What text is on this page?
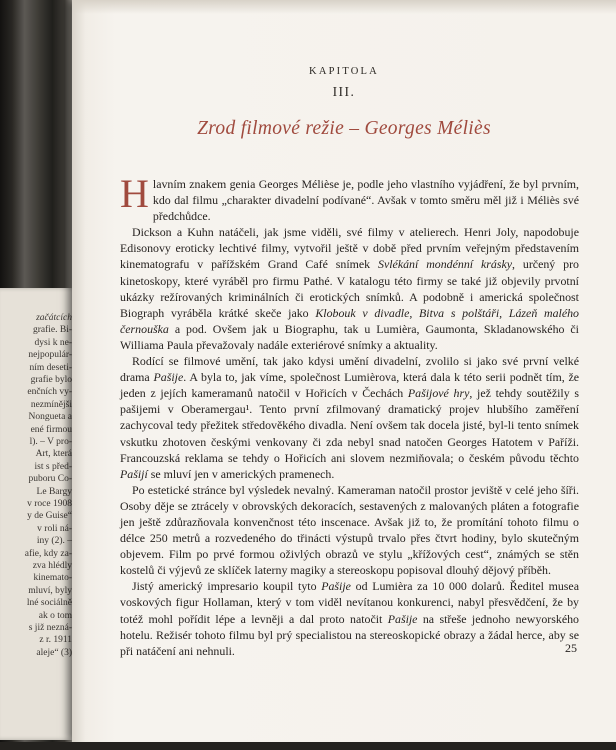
začátcích
grafie. Bi-
dysi k ne-
nejpopulár-
ním deseti-
grafie bylo
enčních vy-
nezmínějši
Nonguetа a
ené firmou
l). – V pro-
Art, která
ist s před-
puboru Co-
Le Bargy
v roce 1908
y de Guise“
v roli ná-
iny (2). –
afie, kdy za-
zva hlédly
kinemato-
mluví, byly
lné sociálně
ak o tom
s již nezná-
z r. 1911
aleje“ (3)
KAPITOLA
III.
Zrod filmové režie – Georges Méliès

Hlavním znakem genia Georges Mélièse je, podle jeho vlastního vyjádření, že byl prvním, kdo dal filmu „charakter divadelní podívané“. Avšak v tomto směru měl již i Méliès své předchůdce.

Dickson a Kuhn natáčeli, jak jsme viděli, své filmy v atelierech. Henri Joly, napodobuje Edisonovy eroticky lechtivé filmy, vytvořil ještě v době před prvním veřejným představením kinematografu v pařížském Grand Café snímek Svlékání mondénní krásky, určený pro kinetoskopy, které vyráběl pro firmu Pathé. V katalogu této firmy se také již objevily prvotní ukázky režírovaných kriminálních či erotických snímků. A podobně i americká společnost Biograph vyráběla krátké skeče jako Klobouk v divadle, Bitva s polštáři, Lázeň malého černouška a pod. Ovšem jak u Biographu, tak u Lumièra, Gaumonta, Skladanowského či Williama Paula převažovaly nadále exteriérové snímky a aktuality.

Rodící se filmové umění, tak jako kdysi umění divadelní, zvolilo si jako své první velké drama Pašije. A byla to, jak víme, společnost Lumièrova, která dala k této serii podnět tím, že jeden z jejích kameramanů natočil v Hořicích v Čechách Pašijové hry, jež tehdy soutěžily s pašijemi v Oberamergau¹. Tento první zfilmovaný dramatický projev hlubšího zaměření zachycoval tedy přežitek středověkého divadla. Není ovšem tak docela jisté, byl-li tento snímek vskutku zhotoven českými venkovany či zda nebyl snad natočen Georges Hatotem v Paříži. Francouzská reklama se tehdy o Hořicích ani slovem nezmiňovala; o českém původu těchto Pašijí se mluví jen v amerických pramenech.

Po estetické stránce byl výsledek nevalný. Kameraman natočil prostor jeviště v celé jeho šíři. Osoby děje se ztrácely v obrovských dekoracích, sestavených z malovaných pláten a fotografie jen ještě zdůrazňovala konvenčnost této inscenace. Avšak již to, že promítání tohoto filmu o délce 250 metrů a rozvedeného do třinácti výstupů trvalo přes čtvrt hodiny, bylo skutečným objevem. Film po prvé formou oživlých obrazů ve stylu „křížových cest“, známých se stěn kostelů či výjevů ze sklíček laterny magiky a stereoskopu popisoval dlouhý dějový příběh.

Jistý americký impresario koupil tyto Pašije od Lumièra za 10 000 dolarů. Ředitel musea voskových figur Hollaman, který v tom viděl nevítanou konkurenci, nabyl přesvědčení, že by totéž mohl pořídit lépe a levněji a dal proto natočit Pašije na střeše jednoho newyorského hotelu. Režisér tohoto filmu byl prý specialistou na stereoskopické obrazy a žádal herce, aby se při natáčení ani nehnuli.	25
